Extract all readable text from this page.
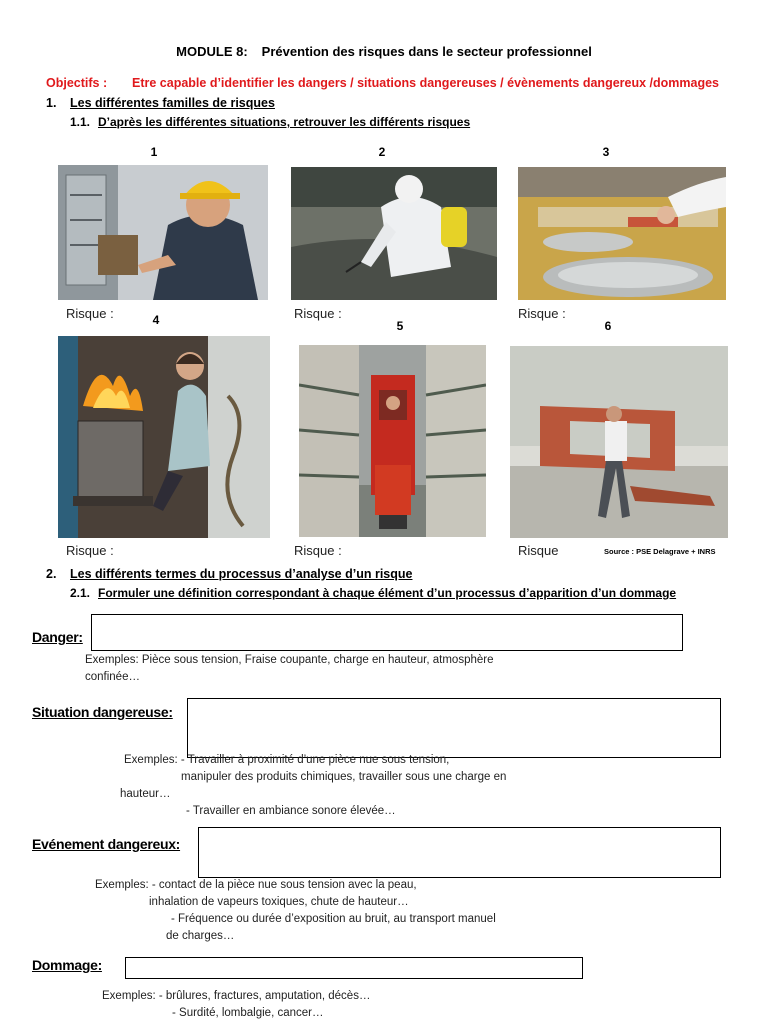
MODULE 8: Prévention des risques dans le secteur professionnel
Objectifs : Etre capable d’identifier les dangers / situations dangereuses / évènements dangereux /dommages
1. Les différentes familles de risques
1.1. D’après les différentes situations, retrouver les différents risques
1	2	3
4	5	6
Risque :	Risque :	Risque :
Risque :	Risque :	Risque	Source : PSE Delagrave + INRS
2. Les différents termes du processus d’analyse d’un risque
2.1. Formuler une définition correspondant à chaque élément d’un processus d’apparition d’un dommage
Danger:
Exemples: Pièce sous tension, Fraise coupante, charge en hauteur, atmosphère
confinée…
Situation dangereuse:
Exemples: - Travailler à proximité d’une pièce nue sous tension,
manipuler des produits chimiques, travailler sous une charge en
hauteur…
- Travailler en ambiance sonore élevée…
Evénement dangereux:
Exemples: - contact de la pièce nue sous tension avec la peau,
inhalation de vapeurs toxiques, chute de hauteur…
- Fréquence ou durée d’exposition au bruit, au transport manuel
de charges…
Dommage:
Exemples: - brûlures, fractures, amputation, décès…
- Surdité, lombalgie, cancer…
